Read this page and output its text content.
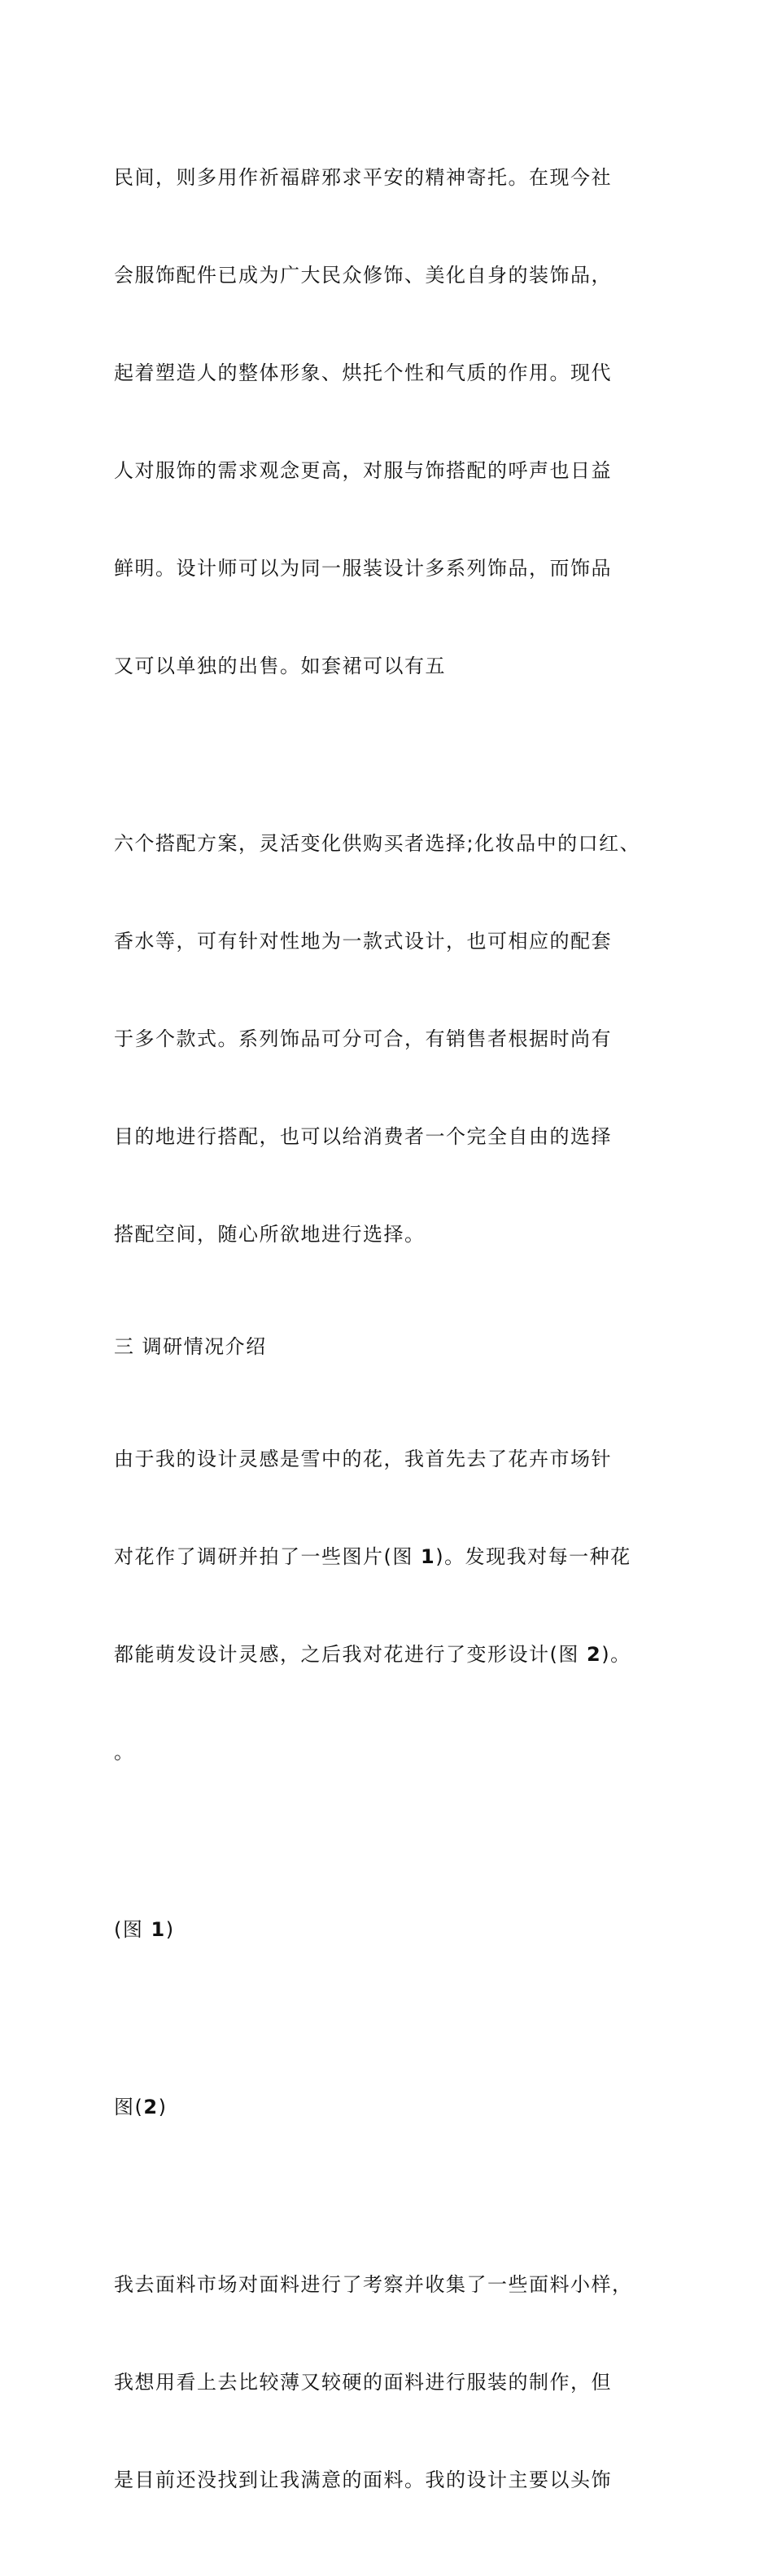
民间，则多用作祈福辟邪求平安的精神寄托。在现今社

会服饰配件已成为广大民众修饰、美化自身的装饰品，

起着塑造人的整体形象、烘托个性和气质的作用。现代

人对服饰的需求观念更高，对服与饰搭配的呼声也日益

鲜明。设计师可以为同一服装设计多系列饰品，而饰品

又可以单独的出售。如套裙可以有五

六个搭配方案，灵活变化供购买者选择;化妆品中的口红、

香水等，可有针对性地为一款式设计，也可相应的配套

于多个款式。系列饰品可分可合，有销售者根据时尚有

目的地进行搭配，也可以给消费者一个完全自由的选择

搭配空间，随心所欲地进行选择。

三 调研情况介绍

由于我的设计灵感是雪中的花，我首先去了花卉市场针

对花作了调研并拍了一些图片(图 1)。发现我对每一种花

都能萌发设计灵感，之后我对花进行了变形设计(图 2)。

。

(图 1)

图(2)

我去面料市场对面料进行了考察并收集了一些面料小样，

我想用看上去比较薄又较硬的面料进行服装的制作，但

是目前还没找到让我满意的面料。我的设计主要以头饰
